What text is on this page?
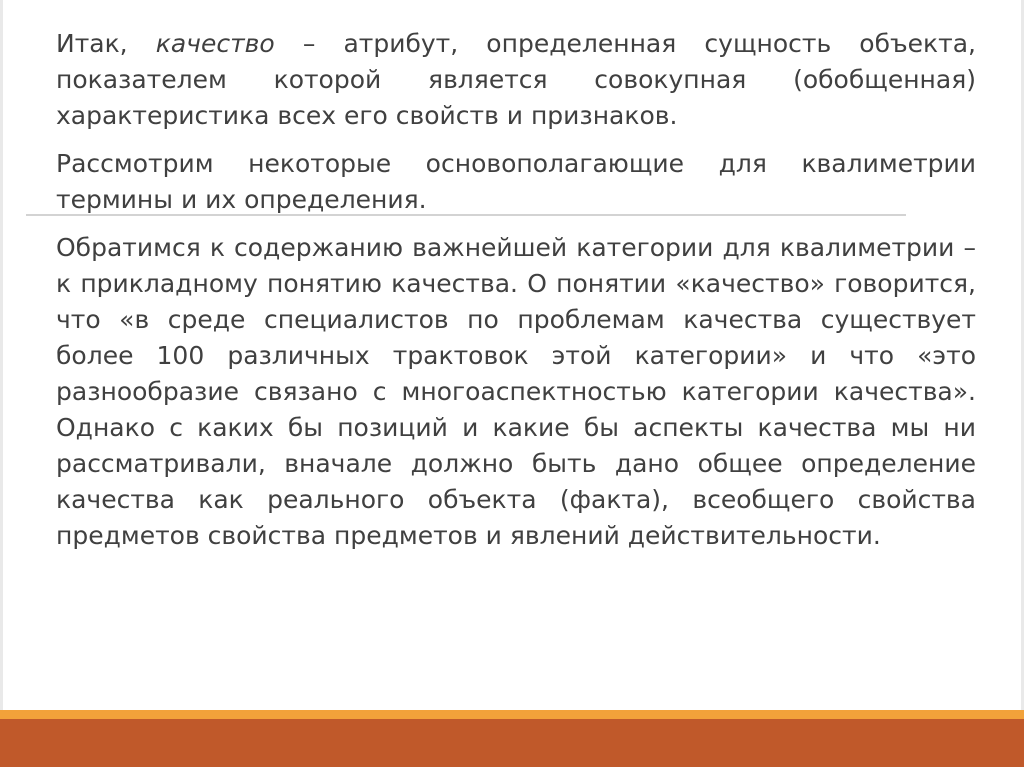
Итак, качество – атрибут, определенная сущность объекта, показателем которой является совокупная (обобщенная) характеристика всех его свойств и признаков.

Рассмотрим некоторые основополагающие для квалиметрии термины и их определения.

Обратимся к содержанию важнейшей категории для квалиметрии – к прикладному понятию качества. О понятии «качество» говорится, что «в среде специалистов по проблемам качества существует более 100 различных трактовок этой категории» и что «это разнообразие связано с многоаспектностью категории качества». Однако с каких бы позиций и какие бы аспекты качества мы ни рассматривали, вначале должно быть дано общее определение качества как реального объекта (факта), всеобщего свойства предметов свойства предметов и явлений действительности.
